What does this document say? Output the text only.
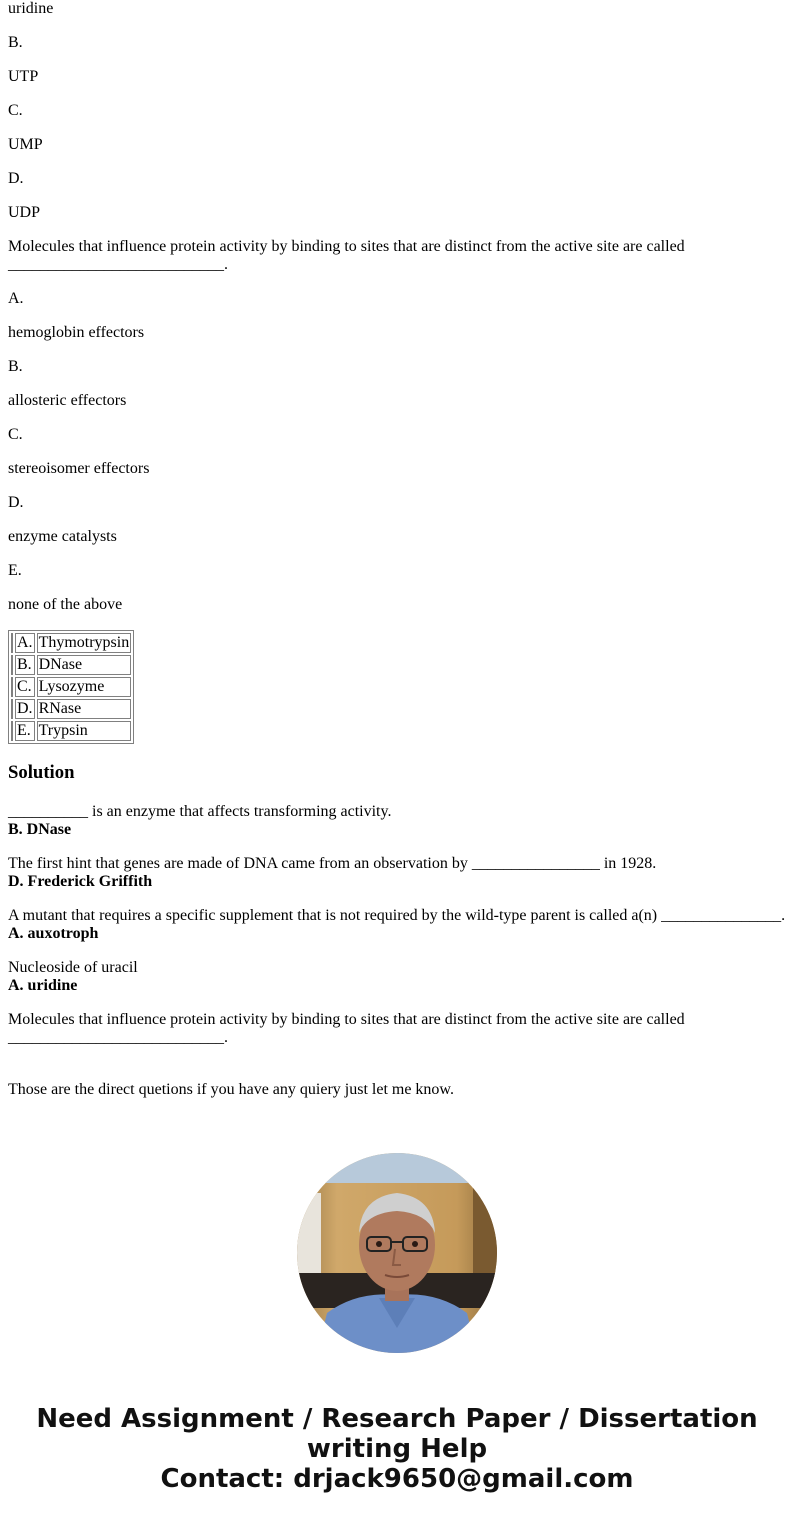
uridine

B.

UTP

C.

UMP

D.

UDP

Molecules that influence protein activity by binding to sites that are distinct from the active site are called
___________________________.

A.

hemoglobin effectors

B.

allosteric effectors

C.

stereoisomer effectors

D.

enzyme catalysts

E.

none of the above

	A.	Thymotrypsin
	B.	DNase
	C.	Lysozyme
	D.	RNase
	E.	Trypsin
Solution
__________ is an enzyme that affects transforming activity.
B. DNase
The first hint that genes are made of DNA came from an observation by ________________ in 1928.
D. Frederick Griffith
A mutant that requires a specific supplement that is not required by the wild-type parent is called a(n) _______________.
A. auxotroph
Nucleoside of uracil
A. uridine
Molecules that influence protein activity by binding to sites that are distinct from the active site are called ___________________________.
Those are the direct quetions if you have any quiery just let me know.
Need Assignment / Research Paper / Dissertation writing Help
Contact: drjack9650@gmail.com
